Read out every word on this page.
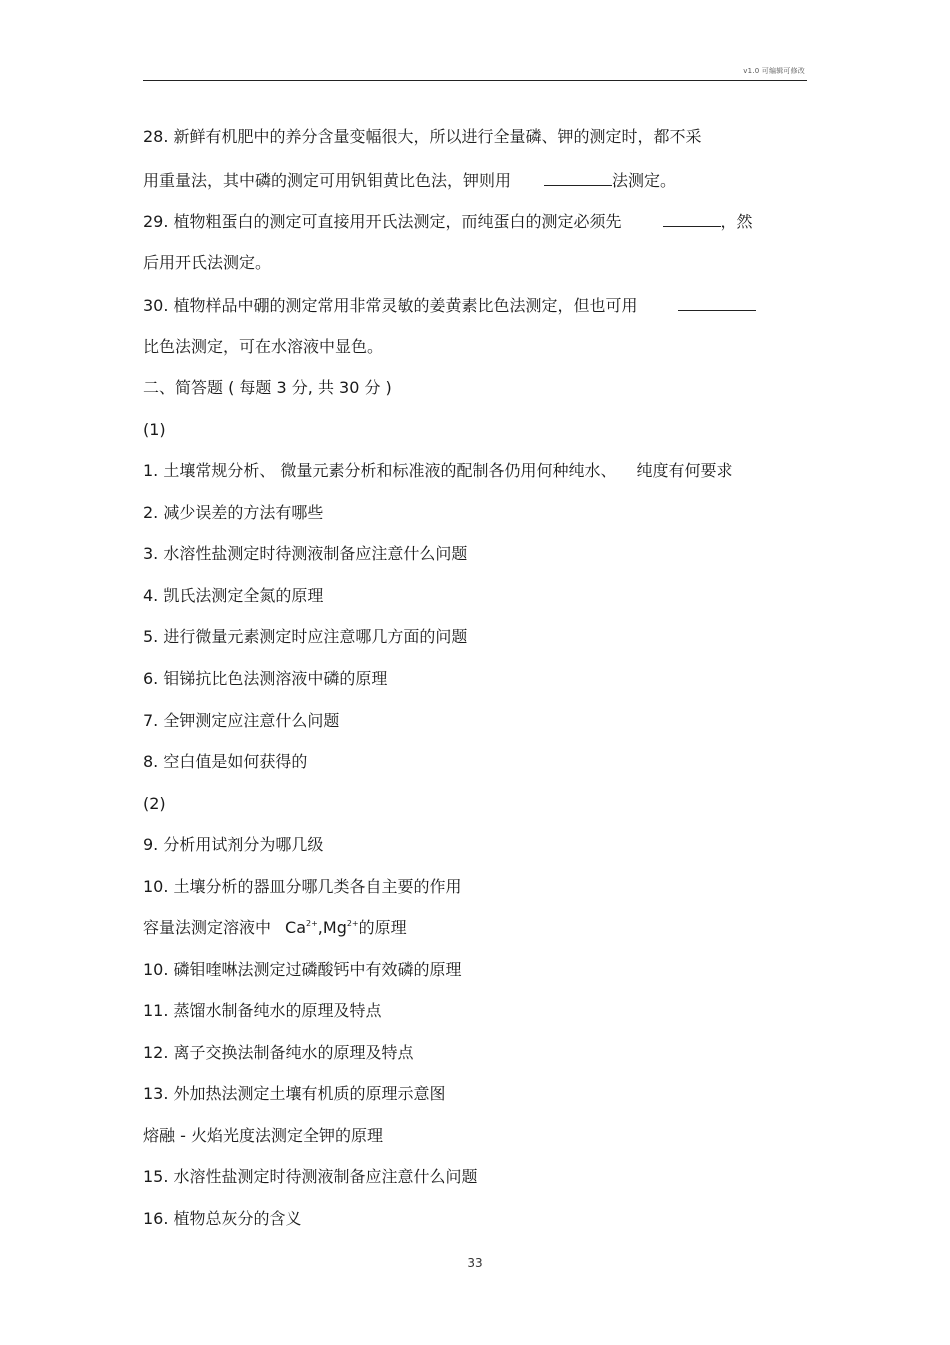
v1.0 可编辑可修改
28. 新鲜有机肥中的养分含量变幅很大，所以进行全量磷、钾的测定时，都不采
用重量法，其中磷的测定可用钒钼黄比色法，钾则用	法测定。
29. 植物粗蛋白的测定可直接用开氏法测定，而纯蛋白的测定必须先	，然
后用开氏法测定。
30. 植物样品中硼的测定常用非常灵敏的姜黄素比色法测定，但也可用
比色法测定，可在水溶液中显色。
二、简答题 ( 每题 3 分, 共 30 分 )
(1)
1. 土壤常规分析、 微量元素分析和标准液的配制各仍用何种纯水、 纯度有何要求
2. 减少误差的方法有哪些
3. 水溶性盐测定时待测液制备应注意什么问题
4. 凯氏法测定全氮的原理
5. 进行微量元素测定时应注意哪几方面的问题
6. 钼锑抗比色法测溶液中磷的原理
7. 全钾测定应注意什么问题
8. 空白值是如何获得的
(2)
9. 分析用试剂分为哪几级
10. 土壤分析的器皿分哪几类各自主要的作用
容量法测定溶液中 $Ca^{2+},Mg^{2+}$的原理
10. 磷钼喹啉法测定过磷酸钙中有效磷的原理
11. 蒸馏水制备纯水的原理及特点
12. 离子交换法制备纯水的原理及特点
13. 外加热法测定土壤有机质的原理示意图
熔融 - 火焰光度法测定全钾的原理
15. 水溶性盐测定时待测液制备应注意什么问题
16. 植物总灰分的含义
33
